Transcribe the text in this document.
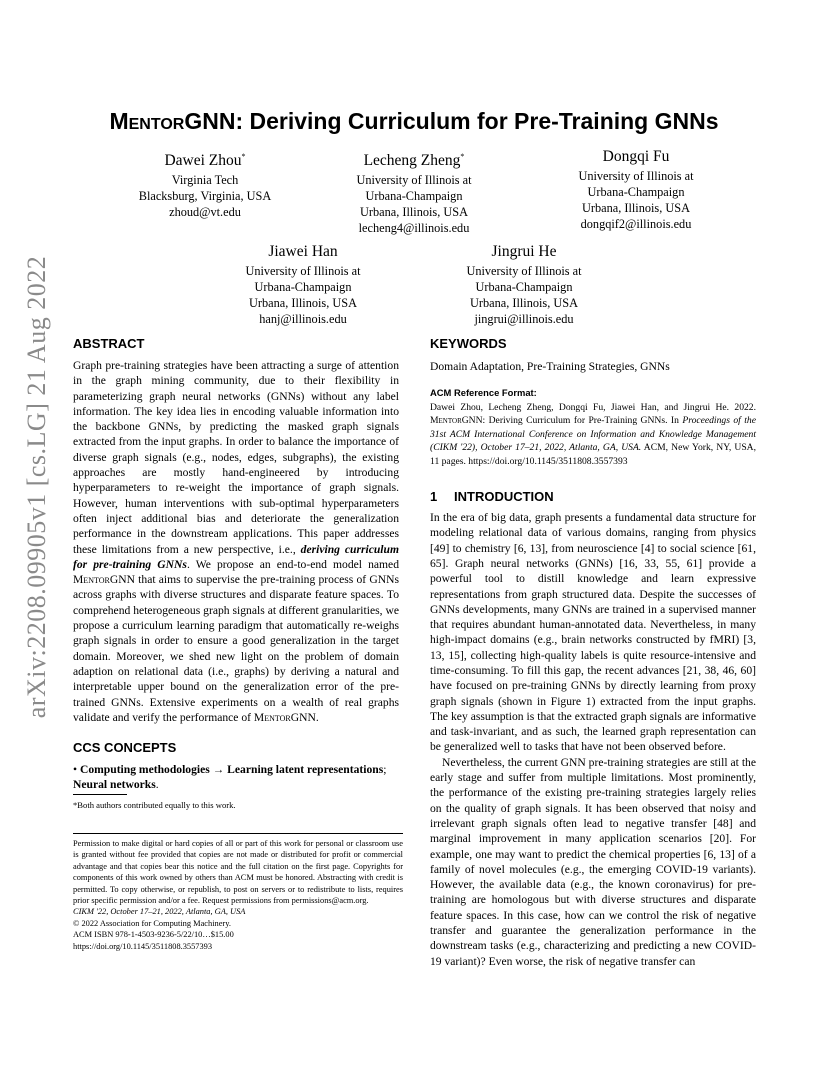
arXiv:2208.09905v1 [cs.LG] 21 Aug 2022
MentorGNN: Deriving Curriculum for Pre-Training GNNs
Dawei Zhou*
Virginia Tech
Blacksburg, Virginia, USA
zhoud@vt.edu
Lecheng Zheng*
University of Illinois at
Urbana-Champaign
Urbana, Illinois, USA
lecheng4@illinois.edu
Dongqi Fu
University of Illinois at
Urbana-Champaign
Urbana, Illinois, USA
dongqif2@illinois.edu
Jiawei Han
University of Illinois at
Urbana-Champaign
Urbana, Illinois, USA
hanj@illinois.edu
Jingrui He
University of Illinois at
Urbana-Champaign
Urbana, Illinois, USA
jingrui@illinois.edu
ABSTRACT

Graph pre-training strategies have been attracting a surge of attention in the graph mining community, due to their flexibility in parameterizing graph neural networks (GNNs) without any label information. The key idea lies in encoding valuable information into the backbone GNNs, by predicting the masked graph signals extracted from the input graphs. In order to balance the importance of diverse graph signals (e.g., nodes, edges, subgraphs), the existing approaches are mostly hand-engineered by introducing hyperparameters to re-weight the importance of graph signals. However, human interventions with sub-optimal hyperparameters often inject additional bias and deteriorate the generalization performance in the downstream applications. This paper addresses these limitations from a new perspective, i.e., deriving curriculum for pre-training GNNs. We propose an end-to-end model named MentorGNN that aims to supervise the pre-training process of GNNs across graphs with diverse structures and disparate feature spaces. To comprehend heterogeneous graph signals at different granularities, we propose a curriculum learning paradigm that automatically re-weighs graph signals in order to ensure a good generalization in the target domain. Moreover, we shed new light on the problem of domain adaption on relational data (i.e., graphs) by deriving a natural and interpretable upper bound on the generalization error of the pre-trained GNNs. Extensive experiments on a wealth of real graphs validate and verify the performance of MentorGNN.

CCS CONCEPTS

• Computing methodologies → Learning latent representations; Neural networks.

*Both authors contributed equally to this work.
Permission to make digital or hard copies of all or part of this work for personal or classroom use is granted without fee provided that copies are not made or distributed for profit or commercial advantage and that copies bear this notice and the full citation on the first page. Copyrights for components of this work owned by others than ACM must be honored. Abstracting with credit is permitted. To copy otherwise, or republish, to post on servers or to redistribute to lists, requires prior specific permission and/or a fee. Request permissions from permissions@acm.org.
CIKM '22, October 17–21, 2022, Atlanta, GA, USA
© 2022 Association for Computing Machinery.
ACM ISBN 978-1-4503-9236-5/22/10…$15.00
https://doi.org/10.1145/3511808.3557393
KEYWORDS

Domain Adaptation, Pre-Training Strategies, GNNs

ACM Reference Format:

Dawei Zhou, Lecheng Zheng, Dongqi Fu, Jiawei Han, and Jingrui He. 2022. MentorGNN: Deriving Curriculum for Pre-Training GNNs. In Proceedings of the 31st ACM International Conference on Information and Knowledge Management (CIKM '22), October 17–21, 2022, Atlanta, GA, USA. ACM, New York, NY, USA, 11 pages. https://doi.org/10.1145/3511808.3557393

1 INTRODUCTION

In the era of big data, graph presents a fundamental data structure for modeling relational data of various domains, ranging from physics [49] to chemistry [6, 13], from neuroscience [4] to social science [61, 65]. Graph neural networks (GNNs) [16, 33, 55, 61] provide a powerful tool to distill knowledge and learn expressive representations from graph structured data. Despite the successes of GNNs developments, many GNNs are trained in a supervised manner that requires abundant human-annotated data. Nevertheless, in many high-impact domains (e.g., brain networks constructed by fMRI) [3, 13, 15], collecting high-quality labels is quite resource-intensive and time-consuming. To fill this gap, the recent advances [21, 38, 46, 60] have focused on pre-training GNNs by directly learning from proxy graph signals (shown in Figure 1) extracted from the input graphs. The key assumption is that the extracted graph signals are informative and task-invariant, and as such, the learned graph representation can be generalized well to tasks that have not been observed before.

Nevertheless, the current GNN pre-training strategies are still at the early stage and suffer from multiple limitations. Most prominently, the performance of the existing pre-training strategies largely relies on the quality of graph signals. It has been observed that noisy and irrelevant graph signals often lead to negative transfer [48] and marginal improvement in many application scenarios [20]. For example, one may want to predict the chemical properties [6, 13] of a family of novel molecules (e.g., the emerging COVID-19 variants). However, the available data (e.g., the known coronavirus) for pre-training are homologous but with diverse structures and disparate feature spaces. In this case, how can we control the risk of negative transfer and guarantee the generalization performance in the downstream tasks (e.g., characterizing and predicting a new COVID-19 variant)? Even worse, the risk of negative transfer can
